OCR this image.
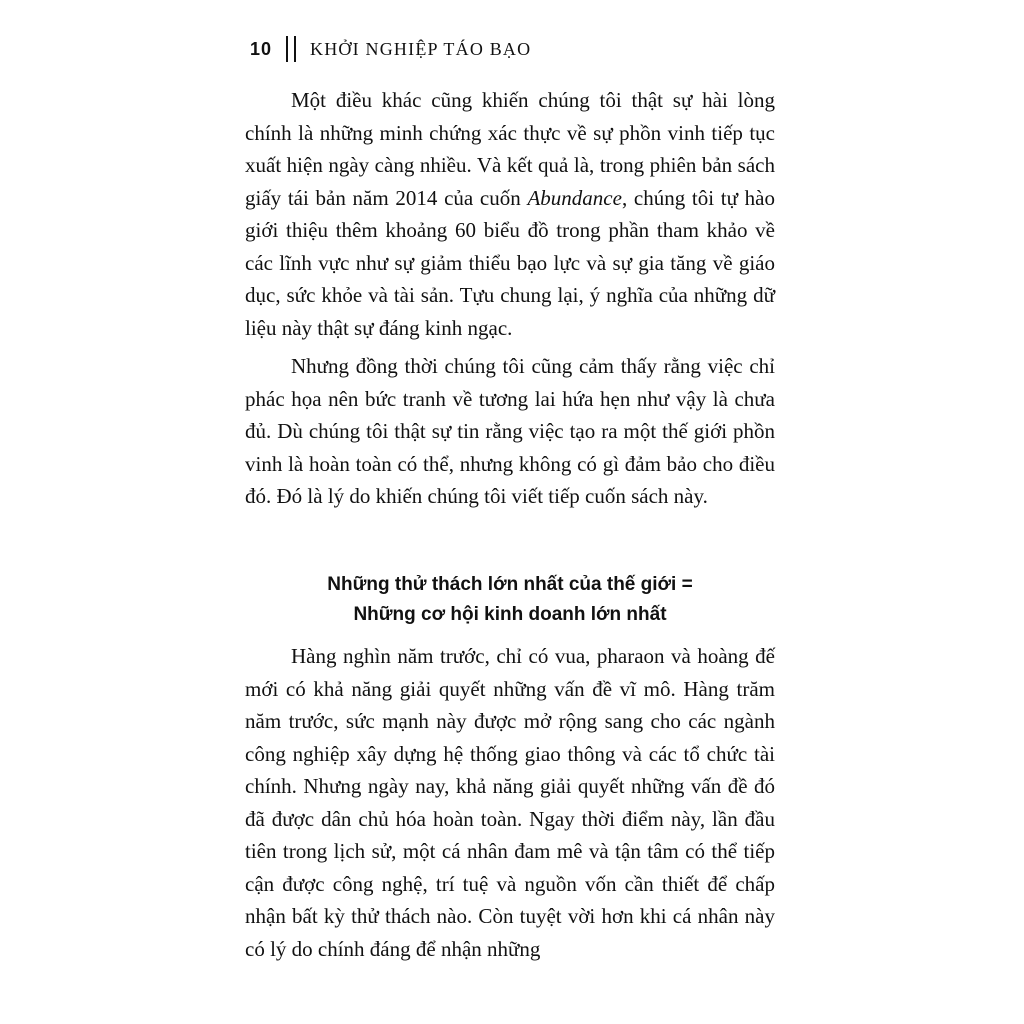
10 KHỞI NGHIỆP TÁO BẠO

Một điều khác cũng khiến chúng tôi thật sự hài lòng chính là những minh chứng xác thực về sự phồn vinh tiếp tục xuất hiện ngày càng nhiều. Và kết quả là, trong phiên bản sách giấy tái bản năm 2014 của cuốn Abundance, chúng tôi tự hào giới thiệu thêm khoảng 60 biểu đồ trong phần tham khảo về các lĩnh vực như sự giảm thiểu bạo lực và sự gia tăng về giáo dục, sức khỏe và tài sản. Tựu chung lại, ý nghĩa của những dữ liệu này thật sự đáng kinh ngạc.

Nhưng đồng thời chúng tôi cũng cảm thấy rằng việc chỉ phác họa nên bức tranh về tương lai hứa hẹn như vậy là chưa đủ. Dù chúng tôi thật sự tin rằng việc tạo ra một thế giới phồn vinh là hoàn toàn có thể, nhưng không có gì đảm bảo cho điều đó. Đó là lý do khiến chúng tôi viết tiếp cuốn sách này.

Những thử thách lớn nhất của thế giới =
Những cơ hội kinh doanh lớn nhất

Hàng nghìn năm trước, chỉ có vua, pharaon và hoàng đế mới có khả năng giải quyết những vấn đề vĩ mô. Hàng trăm năm trước, sức mạnh này được mở rộng sang cho các ngành công nghiệp xây dựng hệ thống giao thông và các tổ chức tài chính. Nhưng ngày nay, khả năng giải quyết những vấn đề đó đã được dân chủ hóa hoàn toàn. Ngay thời điểm này, lần đầu tiên trong lịch sử, một cá nhân đam mê và tận tâm có thể tiếp cận được công nghệ, trí tuệ và nguồn vốn cần thiết để chấp nhận bất kỳ thử thách nào. Còn tuyệt vời hơn khi cá nhân này có lý do chính đáng để nhận những
